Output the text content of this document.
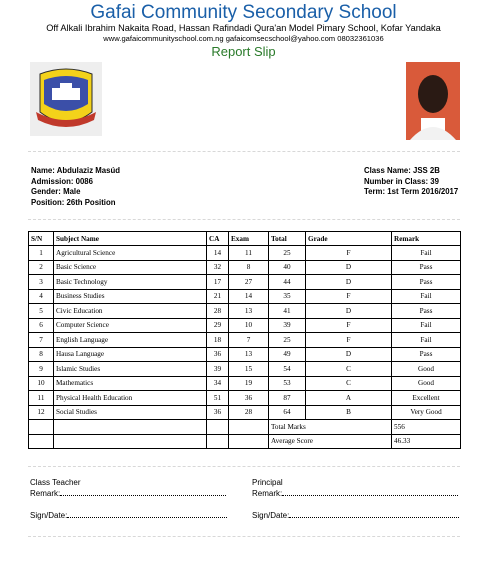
Gafai Community Secondary School
Off Alkali Ibrahim Nakaita Road, Hassan Rafindadi Qura'an Model Pimary School, Kofar Yandaka
www.gafaicommunityschool.com.ng gafaicomsecschool@yahoo.com 08032361036
Report Slip
Name: Abdulaziz Masúd
Admission: 0086
Gender: Male
Position: 26th Position
Class Name: JSS 2B
Number in Class: 39
Term: 1st Term 2016/2017
S/N	Subject Name	CA	Exam	Total	Grade	Remark
1	Agricultural Science	14	11	25	F	Fail
2	Basic Science	32	8	40	D	Pass
3	Basic Technology	17	27	44	D	Pass
4	Business Studies	21	14	35	F	Fail
5	Civic Education	28	13	41	D	Pass
6	Computer Science	29	10	39	F	Fail
7	English Language	18	7	25	F	Fail
8	Hausa Language	36	13	49	D	Pass
9	Islamic Studies	39	15	54	C	Good
10	Mathematics	34	19	53	C	Good
11	Physical Health Education	51	36	87	A	Excellent
12	Social Studies	36	28	64	B	Very Good
				Total Marks		556
				Average Score		46.33
Class Teacher
Remark:
Sign/Date:
Principal
Remark:
Sign/Date:
